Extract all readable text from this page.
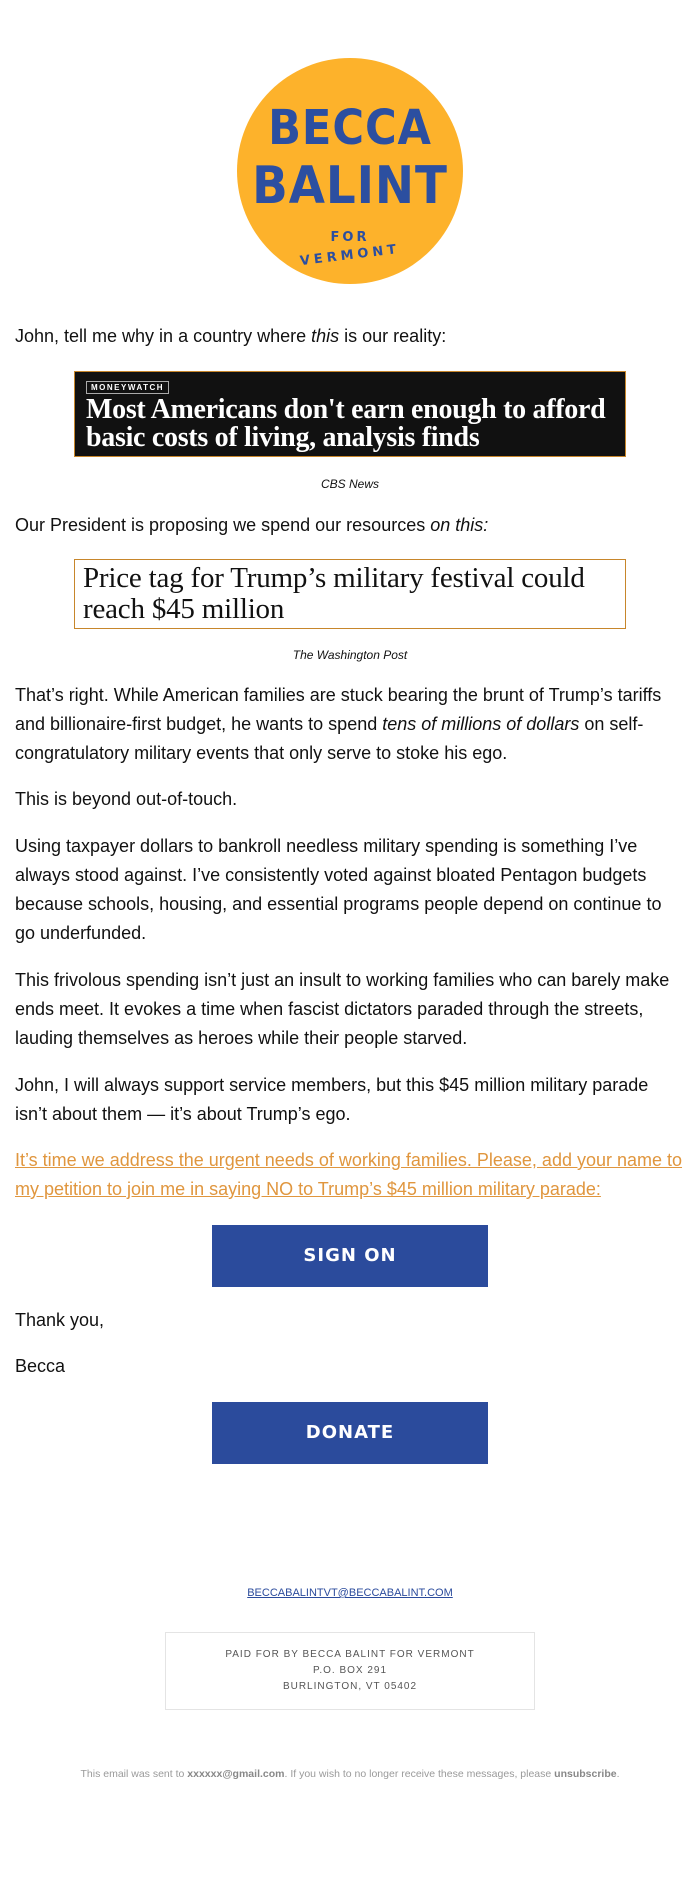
BECCA
BALINT
FOR
VERMONT

John, tell me why in a country where this is our reality:

MONEYWATCH
Most Americans don't earn enough to afford basic costs of living, analysis finds
CBS News

Our President is proposing we spend our resources on this:

Price tag for Trump’s military festival could reach $45 million
The Washington Post

That’s right. While American families are stuck bearing the brunt of Trump’s tariffs and billionaire-first budget, he wants to spend tens of millions of dollars on self-congratulatory military events that only serve to stoke his ego.

This is beyond out-of-touch.

Using taxpayer dollars to bankroll needless military spending is something I’ve always stood against. I’ve consistently voted against bloated Pentagon budgets because schools, housing, and essential programs people depend on continue to go underfunded.

This frivolous spending isn’t just an insult to working families who can barely make ends meet. It evokes a time when fascist dictators paraded through the streets, lauding themselves as heroes while their people starved.

John, I will always support service members, but this $45 million military parade isn’t about them — it’s about Trump’s ego.

It’s time we address the urgent needs of working families. Please, add your name to my petition to join me in saying NO to Trump’s $45 million military parade:
SIGN ON

Thank you,

Becca

DONATE
BECCABALINTVT@BECCABALINT.COM
PAID FOR BY BECCA BALINT FOR VERMONT
P.O. BOX 291
BURLINGTON, VT 05402
This email was sent to xxxxxx@gmail.com. If you wish to no longer receive these messages, please unsubscribe.
